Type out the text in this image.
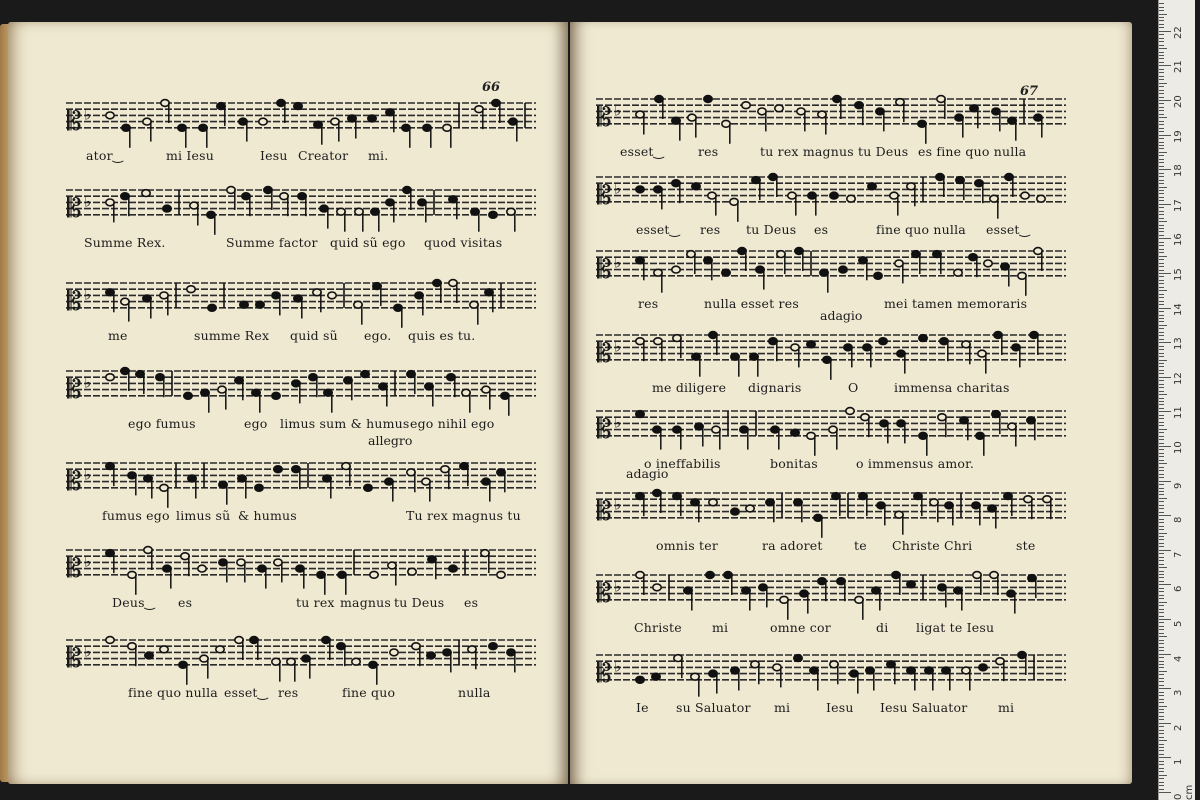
66	67
𝄡 ♭
ator‿	mi Iesu	Iesu Creator mi.
𝄡 ♭
Summe Rex.	Summe factor quid sũ ego quod visitas
𝄡 ♭
me	summe Rex quid sũ ego. quis es tu.
𝄡 ♭
ego fumus	ego limus sum & humus ego nihil ego
𝄡 ♭
fumus ego limus sũ & humus	Tu rex magnus tu
allegro
𝄡 ♭
Deus‿ es	tu rex magnus tu Deus es
𝄡 ♭
fine quo nulla esset‿ res	fine quo	nulla
𝄡 ♭
esset‿	res	tu rex magnus tu Deus es fine quo nulla
𝄡 ♭
esset‿ res tu Deus es	fine quo nulla esset‿
𝄡 ♭
res	nulla esset res	mei tamen memoraris
𝄡 ♭
me diligere dignaris	O	immensa charitas
adagio
𝄡 ♭
o ineffabilis	bonitas	o immensus amor.
𝄡 ♭
omnis ter	ra adoret	te Christe Chri	ste
adagio
𝄡 ♭
Christe mi	omne cor	di ligat te Iesu
𝄡 ♭
Ie su Saluator mi	Iesu Iesu Saluator mi
0 cm
1
2
3
4
5
6
7
8
9
10
11
12
13
14
15
16
17
18
19
20
21
22
